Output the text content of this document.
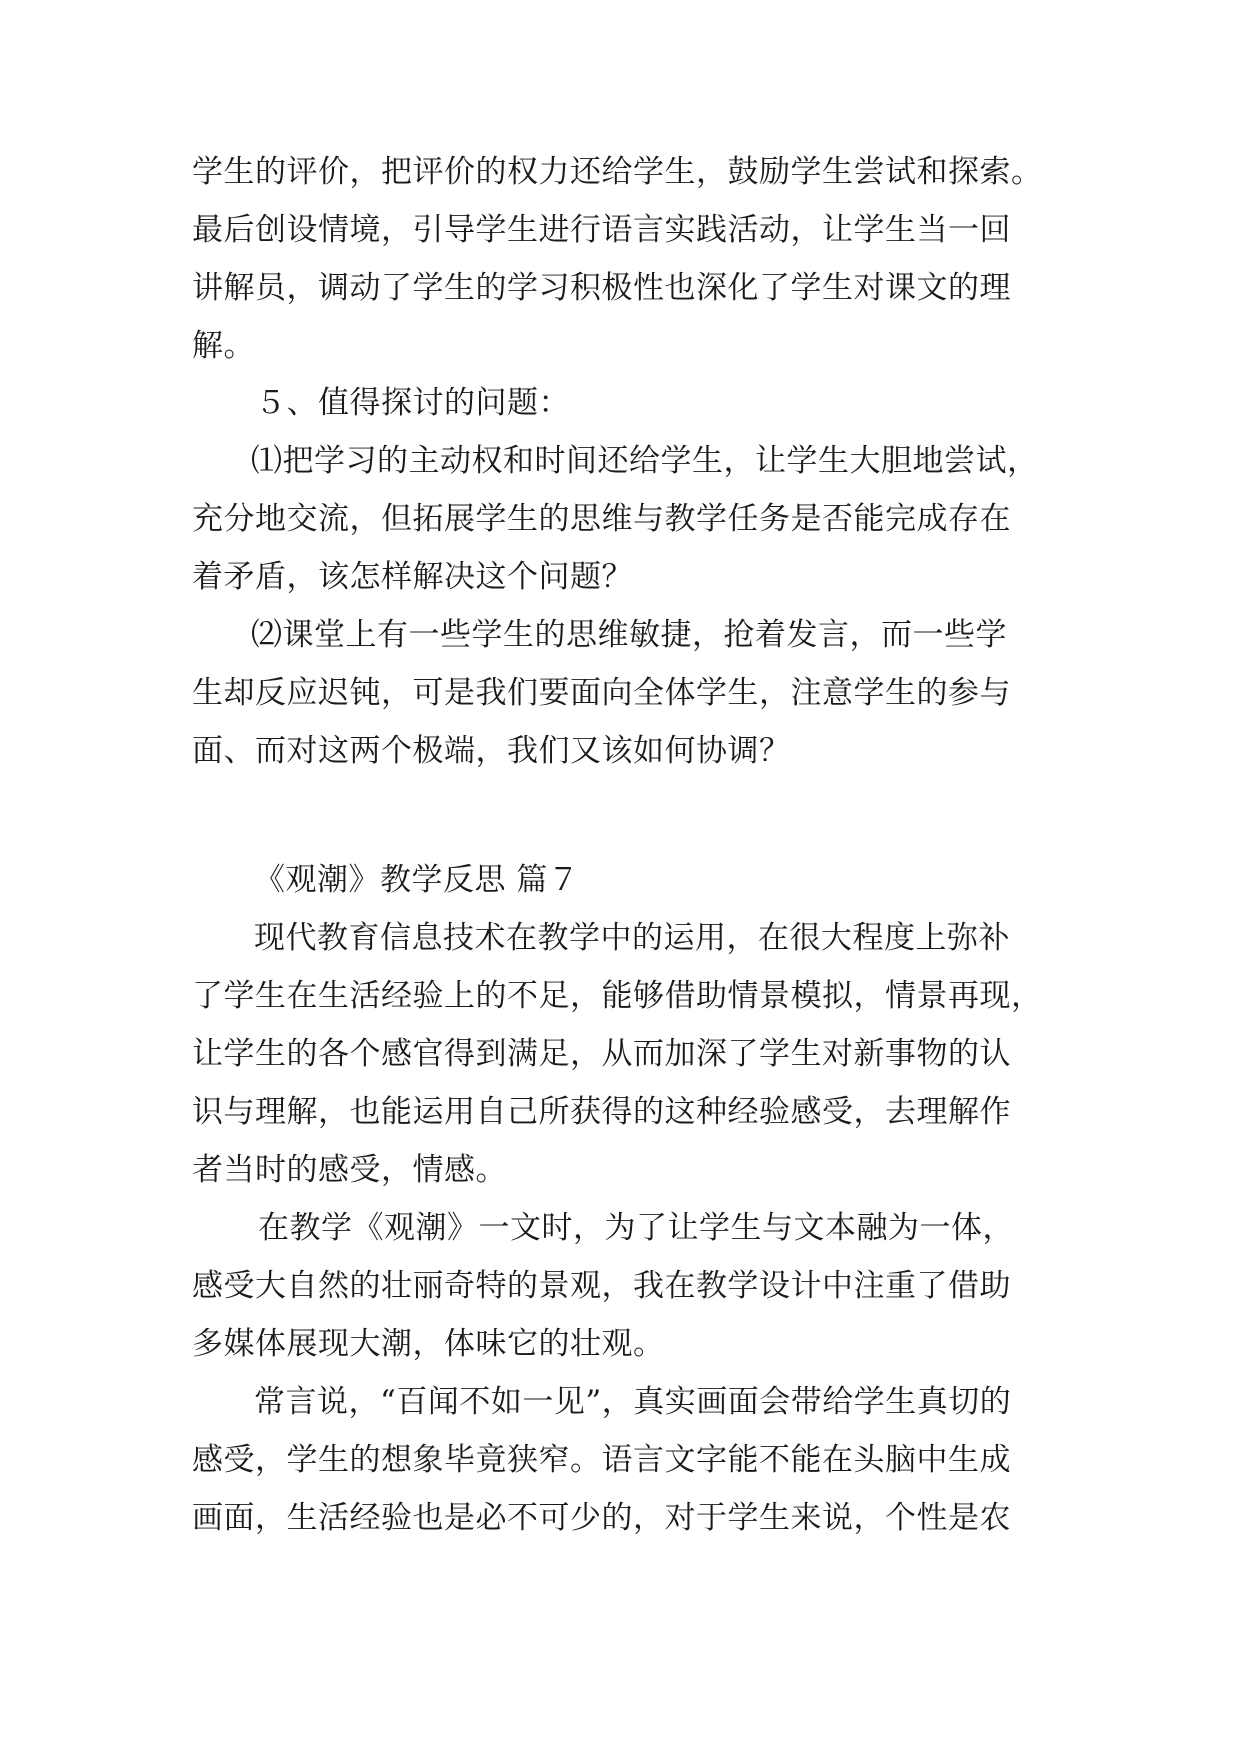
学生的评价，把评价的权力还给学生，鼓励学生尝试和探索。
最后创设情境，引导学生进行语言实践活动，让学生当一回
讲解员，调动了学生的学习积极性也深化了学生对课文的理
解。
５、值得探讨的问题：
⑴把学习的主动权和时间还给学生，让学生大胆地尝试，
充分地交流，但拓展学生的思维与教学任务是否能完成存在
着矛盾，该怎样解决这个问题？
⑵课堂上有一些学生的思维敏捷，抢着发言，而一些学
生却反应迟钝，可是我们要面向全体学生，注意学生的参与
面、而对这两个极端，我们又该如何协调？
《观潮》教学反思 篇７
现代教育信息技术在教学中的运用，在很大程度上弥补
了学生在生活经验上的不足，能够借助情景模拟，情景再现，
让学生的各个感官得到满足，从而加深了学生对新事物的认
识与理解，也能运用自己所获得的这种经验感受，去理解作
者当时的感受，情感。
在教学《观潮》一文时，为了让学生与文本融为一体，
感受大自然的壮丽奇特的景观，我在教学设计中注重了借助
多媒体展现大潮，体味它的壮观。
常言说，“百闻不如一见”，真实画面会带给学生真切的
感受，学生的想象毕竟狭窄。语言文字能不能在头脑中生成
画面，生活经验也是必不可少的，对于学生来说，个性是农
